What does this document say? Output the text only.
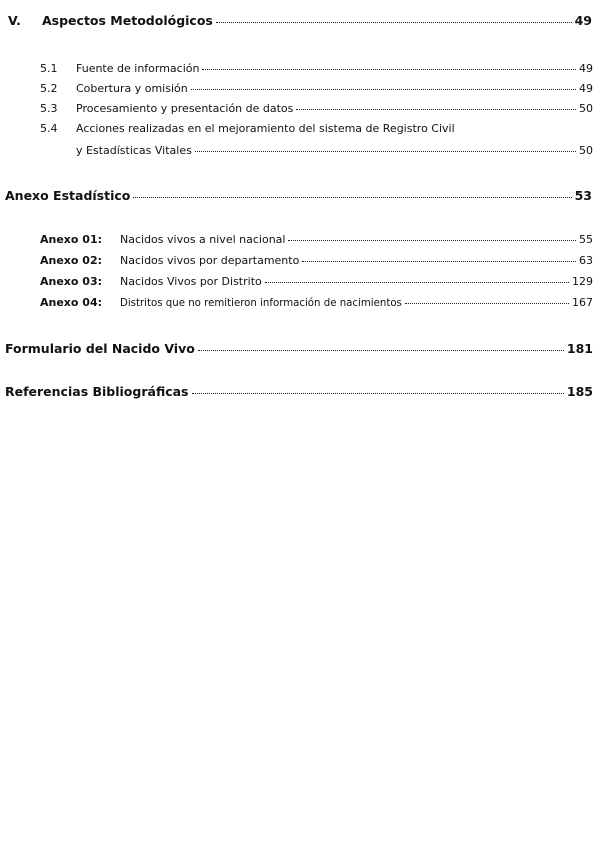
V.	Aspectos Metodológicos	49
5.1	Fuente de información	49
5.2	Cobertura y omisión	49
5.3	Procesamiento y presentación de datos	50
5.4 Acciones realizadas en el mejoramiento del sistema de Registro Civil
y Estadísticas Vitales	50
Anexo Estadístico	53
Anexo 01:	Nacidos vivos a nivel nacional	55
Anexo 02:	Nacidos vivos por departamento	63
Anexo 03:	Nacidos Vivos por Distrito	129
Anexo 04:	Distritos que no remitieron información de nacimientos	167
Formulario del Nacido Vivo	181
Referencias Bibliográficas	185
